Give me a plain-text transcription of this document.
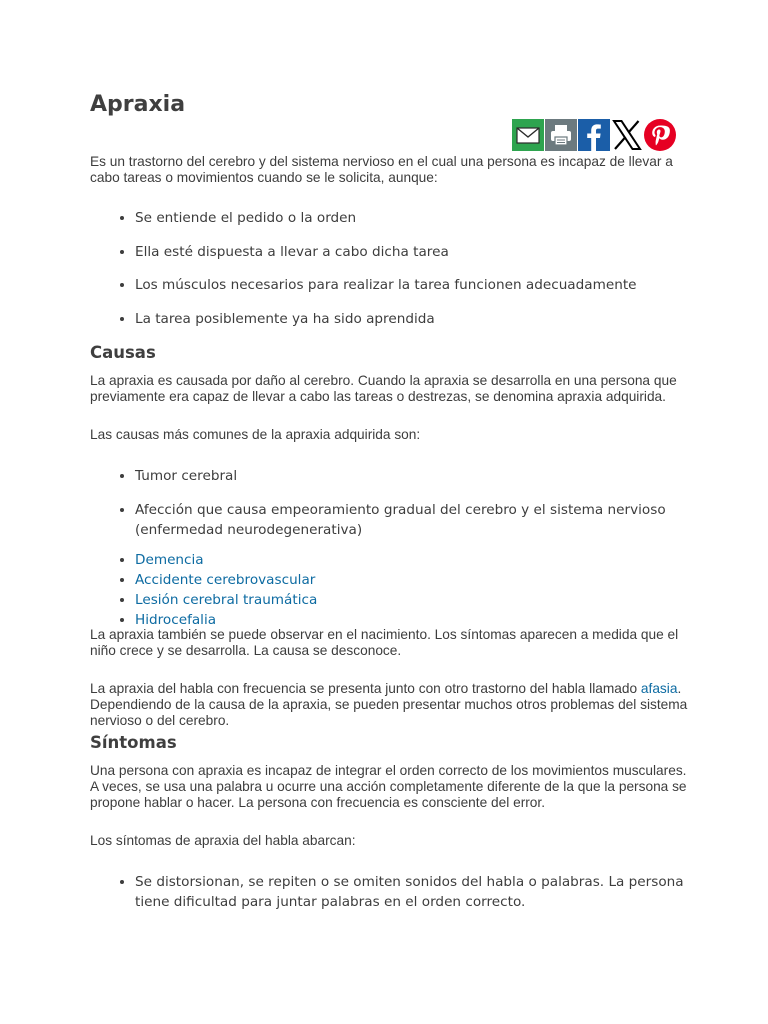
Apraxia

Es un trastorno del cerebro y del sistema nervioso en el cual una persona es incapaz de llevar a cabo tareas o movimientos cuando se le solicita, aunque:

• Se entiende el pedido o la orden
• Ella esté dispuesta a llevar a cabo dicha tarea
• Los músculos necesarios para realizar la tarea funcionen adecuadamente
• La tarea posiblemente ya ha sido aprendida
Causas

La apraxia es causada por daño al cerebro. Cuando la apraxia se desarrolla en una persona que previamente era capaz de llevar a cabo las tareas o destrezas, se denomina apraxia adquirida.

Las causas más comunes de la apraxia adquirida son:

• Tumor cerebral
• Afección que causa empeoramiento gradual del cerebro y el sistema nervioso (enfermedad neurodegenerativa)
• Demencia
• Accidente cerebrovascular
• Lesión cerebral traumática
• Hidrocefalia

La apraxia también se puede observar en el nacimiento. Los síntomas aparecen a medida que el niño crece y se desarrolla. La causa se desconoce.

La apraxia del habla con frecuencia se presenta junto con otro trastorno del habla llamado afasia. Dependiendo de la causa de la apraxia, se pueden presentar muchos otros problemas del sistema nervioso o del cerebro.

Síntomas

Una persona con apraxia es incapaz de integrar el orden correcto de los movimientos musculares. A veces, se usa una palabra u ocurre una acción completamente diferente de la que la persona se propone hablar o hacer. La persona con frecuencia es consciente del error.

Los síntomas de apraxia del habla abarcan:

• Se distorsionan, se repiten o se omiten sonidos del habla o palabras. La persona tiene dificultad para juntar palabras en el orden correcto.
